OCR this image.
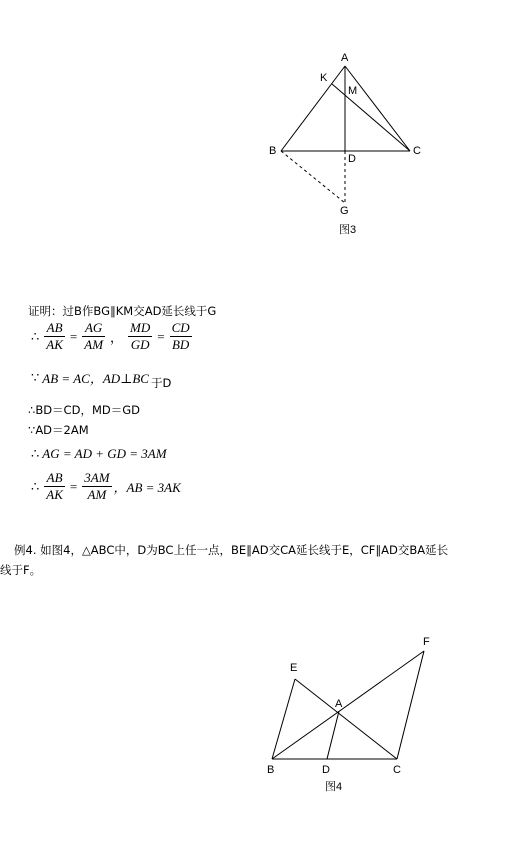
A
K
M
B
D
C
G
图3
证明：过B作BG∥KM交AD延长线于G
∴ $\frac{AB}{AK} = \frac{AG}{AM}$ ， $\frac{MD}{GD} = \frac{CD}{BD}$
∵ AB = AC，AD⊥BC 于D
∴BD＝CD，MD＝GD
∵AD＝2AM
∴ AG = AD + GD = 3AM
∴ $\frac{AB}{AK} = \frac{3AM}{AM}$ ，AB = 3AK
例4. 如图4，△ABC中，D为BC上任一点，BE∥AD交CA延长线于E，CF∥AD交BA延长
线于F。
E
F
A
B	D	C
图4
